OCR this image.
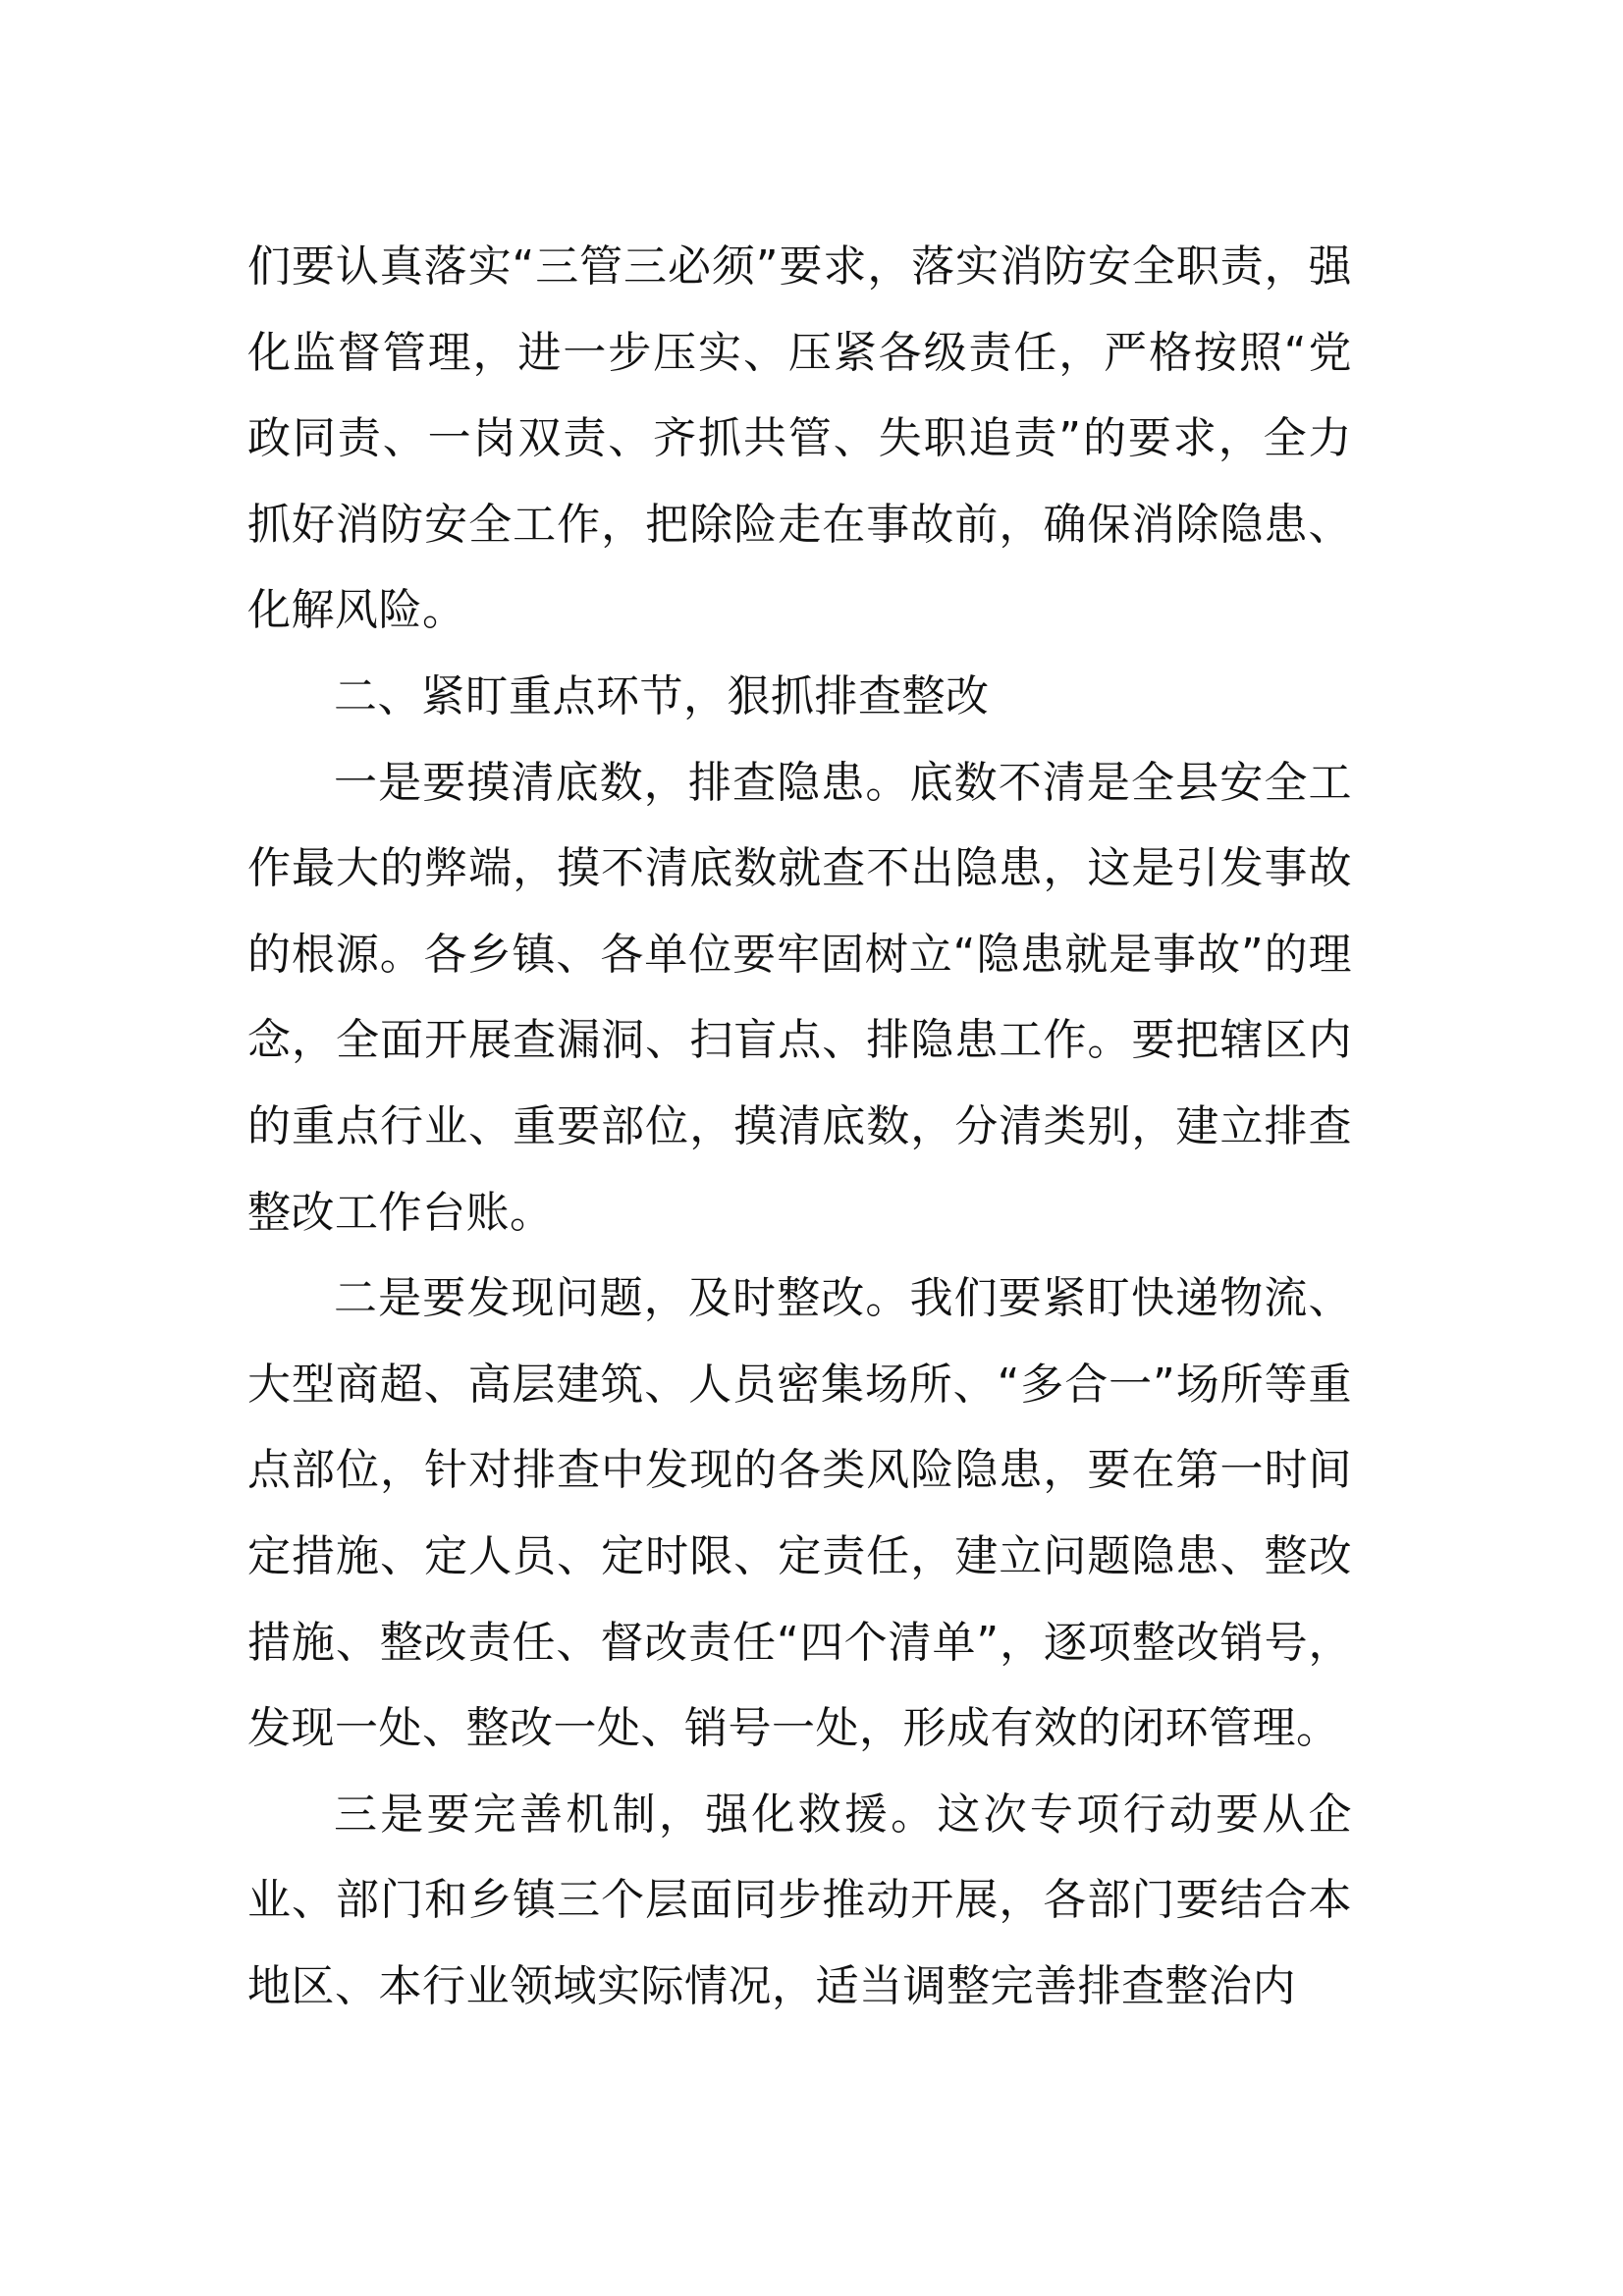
们要认真落实“三管三必须”要求，落实消防安全职责，强化监督管理，进一步压实、压紧各级责任，严格按照“党政同责、一岗双责、齐抓共管、失职追责”的要求，全力抓好消防安全工作，把除险走在事故前，确保消除隐患、化解风险。

二、紧盯重点环节，狠抓排查整改

一是要摸清底数，排查隐患。底数不清是全县安全工作最大的弊端，摸不清底数就查不出隐患，这是引发事故的根源。各乡镇、各单位要牢固树立“隐患就是事故”的理念，全面开展查漏洞、扫盲点、排隐患工作。要把辖区内的重点行业、重要部位，摸清底数，分清类别，建立排查整改工作台账。

二是要发现问题，及时整改。我们要紧盯快递物流、大型商超、高层建筑、人员密集场所、“多合一”场所等重点部位，针对排查中发现的各类风险隐患，要在第一时间定措施、定人员、定时限、定责任，建立问题隐患、整改措施、整改责任、督改责任“四个清单”，逐项整改销号，发现一处、整改一处、销号一处，形成有效的闭环管理。

三是要完善机制，强化救援。这次专项行动要从企业、部门和乡镇三个层面同步推动开展，各部门要结合本地区、本行业领域实际情况，适当调整完善排查整治内
